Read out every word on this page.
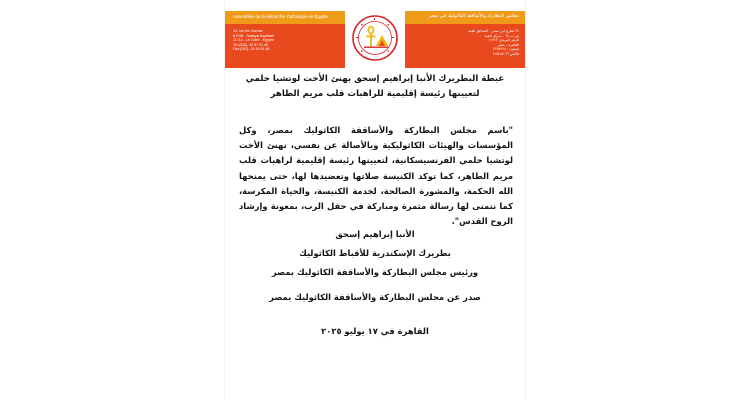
Assemblée de la Hiérarchie Catholique en Égypte
34, rue Ibn Sandar
B.P.68 - Sadaya Koubbeh
11712 - Le Caire - Égypte
Tel:(202)- 22 57 91 40
Fax:(202)- 24 54 51 66
مجلس البطاركة والأساقفة الكاثوليك في مصر
٣٤ شارع ابن سندر - الحدائق القبة
ص.ب ٦٨ - سراي القبة
الرمز البريدي ١١٧١٢
القاهرة - مصر
تليفون ٢٢٥٧٩١٤٠
فاكس ٢٤٥٤٥١٦٦
غبطة البطريرك الأنبا إبراهيم إسحق يهنئ الأخت لوتشيا حلمي
لتعيينها رئيسة إقليمية للراهبات قلب مريم الطاهر
"باسم مجلس البطاركة والأساقفة الكاثوليك بمصر، وكل المؤسسات والهيئات الكاثوليكية وبالأصالة عن نفسي، نهنئ الأخت لوتشيا حلمي الفرنسيسكانية، لتعيينها رئيسة إقليمية لراهبات قلب مريم الطاهر، كما توكد الكنيسة صلاتها وتعضيدها لها، حتى يمنحها الله الحكمة، والمشورة الصالحة، لخدمة الكنيسة، والحياة المكرسة، كما نتمنى لها رسالة مثمرة ومباركة في حقل الرب، بمعونة وإرشاد الروح القدس".
الأنبا إبراهيم إسحق
بطريرك الإسكندرية للأقباط الكاثوليك
ورئيس مجلس البطاركة والأساقفة الكاثوليك بمصر
صدر عن مجلس البطاركة والأساقفة الكاثوليك بمصر
القاهرة في ١٧ يوليو ٢٠٢٥
